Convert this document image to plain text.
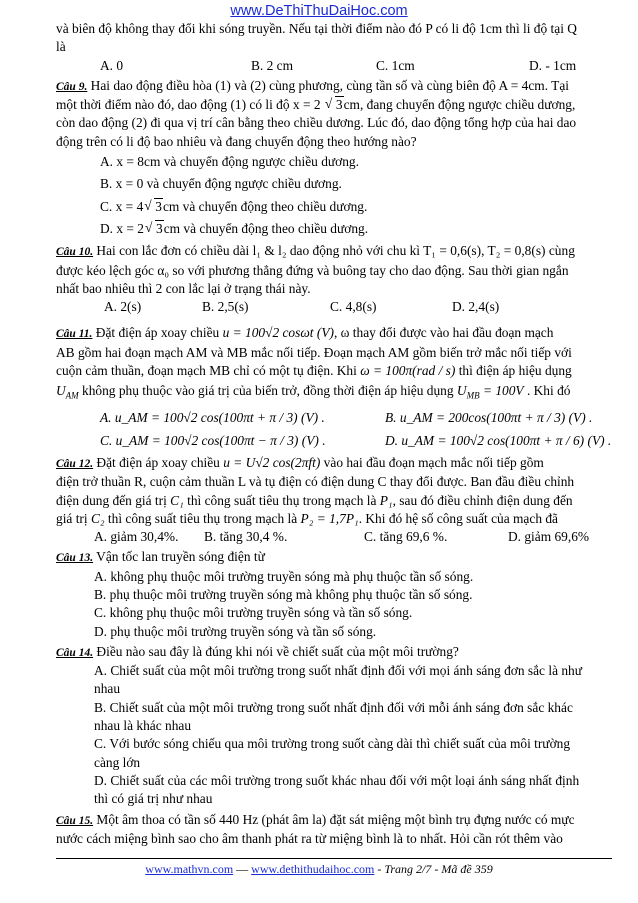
www.DeThiThuDaiHoc.com

và biên độ không thay đổi khi sóng truyền. Nếu tại thời điểm nào đó P có li độ 1cm thì li độ tại Q

là

A. 0	B. 2 cm	C. 1cm	D. - 1cm

Câu 9. Hai dao động điều hòa (1) và (2) cùng phương, cùng tần số và cùng biên độ A = 4cm. Tại

một thời điểm nào đó, dao động (1) có li độ x = 2 √ 3cm, đang chuyển động ngược chiều dương,

còn dao động (2) đi qua vị trí cân bằng theo chiều dương. Lúc đó, dao động tổng hợp của hai dao

động trên có li độ bao nhiêu và đang chuyển động theo hướng nào?

A. x = 8cm và chuyển động ngược chiều dương.

B. x = 0 và chuyển động ngược chiều dương.

C. x = 4 √ 3cm và chuyển động theo chiều dương.

D. x = 2 √ 3cm và chuyển động theo chiều dương.

Câu 10. Hai con lắc đơn có chiều dài l₁ & l₂ dao động nhỏ với chu kì T₁ = 0,6(s), T₂ = 0,8(s) cùng

được kéo lệch góc α₀ so với phương thẳng đứng và buông tay cho dao động. Sau thời gian ngắn

nhất bao nhiêu thì 2 con lắc lại ở trạng thái này.

A. 2(s)	B. 2,5(s)	C. 4,8(s)	D. 2,4(s)

Câu 11. Đặt điện áp xoay chiều u = 100√2 cosωt (V), ω thay đổi được vào hai đầu đoạn mạch

AB gồm hai đoạn mạch AM và MB mắc nối tiếp. Đoạn mạch AM gồm biến trở mắc nối tiếp với

cuộn cảm thuần, đoạn mạch MB chỉ có một tụ điện. Khi ω = 100π(rad / s) thì điện áp hiệu dụng

$U_{AM}$ không phụ thuộc vào giá trị của biến trở, đồng thời điện áp hiệu dụng $U_{MB} = 100V$ . Khi đó

A. u_AM = 100√2 cos(100πt + π / 3) (V) .	B. u_AM = 200cos(100πt + π / 3) (V) .
C. u_AM = 100√2 cos(100πt − π / 3) (V) .	D. u_AM = 100√2 cos(100πt + π / 6) (V) .

Câu 12. Đặt điện áp xoay chiều u = U√2 cos(2πft) vào hai đầu đoạn mạch mắc nối tiếp gồm

điện trở thuần R, cuộn cảm thuần L và tụ điện có điện dung C thay đổi được. Ban đầu điều chỉnh

điện dung đến giá trị C₁ thì công suất tiêu thụ trong mạch là P₁, sau đó điều chỉnh điện dung đến

giá trị C₂ thì công suất tiêu thụ trong mạch là P₂ = 1,7P₁. Khi đó hệ số công suất của mạch đã

A. giảm 30,4%.	B. tăng 30,4 %.	C. tăng 69,6 %.	D. giảm 69,6%

Câu 13. Vận tốc lan truyền sóng điện từ

A. không phụ thuộc môi trường truyền sóng mà phụ thuộc tần số sóng.

B. phụ thuộc môi trường truyền sóng mà không phụ thuộc tần số sóng.

C. không phụ thuộc môi trường truyền sóng và tần số sóng.

D. phụ thuộc môi trường truyền sóng và tần số sóng.

Câu 14. Điều nào sau đây là đúng khi nói về chiết suất của một môi trường?

A. Chiết suất của một môi trường trong suốt nhất định đối với mọi ánh sáng đơn sắc là như

nhau

B. Chiết suất của một môi trường trong suốt nhất định đối với mỗi ánh sáng đơn sắc khác

nhau là khác nhau

C. Với bước sóng chiếu qua môi trường trong suốt càng dài thì chiết suất của môi trường

càng lớn

D. Chiết suất của các môi trường trong suốt khác nhau đối với một loại ánh sáng nhất định

thì có giá trị như nhau

Câu 15. Một âm thoa có tần số 440 Hz (phát âm la) đặt sát miệng một bình trụ đựng nước có mực

nước cách miệng bình sao cho âm thanh phát ra từ miệng bình là to nhất. Hỏi cần rót thêm vào

www.mathvn.com — www.dethithudaihoc.com - Trang 2/7 - Mã đề 359
